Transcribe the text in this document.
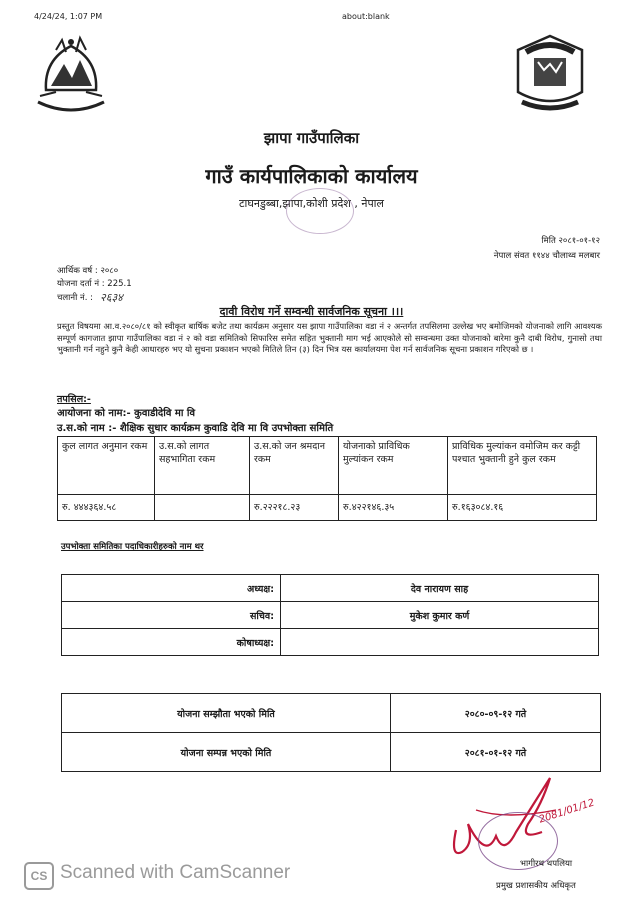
4/24/24, 1:07 PM	about:blank
झापा गाउँपालिका
गाउँ कार्यपालिकाको कार्यालय
टाघनडुब्बा,झापा,कोशी प्रदेश , नेपाल
मिति २०८१-०१-१२
नेपाल संवत ११४४ चौलाथ्व मलबार
आर्थिक वर्ष : २०८०
योजना दर्ता नं : 225.1
चलानी नं. : २६३४
दावी विरोध गर्ने सम्वन्धी सार्वजनिक सूचना ।।।
प्रस्तुत विषयमा आ.व.२०८०/८१ को स्वीकृत बार्षिक बजेट तथा कार्यक्रम अनुसार यस झापा गाउँपालिका वडा नं २ अन्तर्गत तपसिलमा उल्लेख भए बमोजिमको योजनाको लागि आवश्यक सम्पूर्ण कागजात झापा गाउँपालिका वडा नं २ को वडा समितिको सिफारिस समेत सहित भुक्तानी माग भई आएकोले सो सम्वन्धमा उक्त योजनाको बारेमा कुनै दाबी विरोध, गुनासो तथा भुक्तानी गर्न नहुने कुनै केही आधारहरु भए यो सुचना प्रकाशन भएको मितिले तिन (३) दिन भित्र यस कार्यालयमा पेश गर्न सार्वजनिक सूचना प्रकाशन गरिएको छ ।
तपसिल:-
आयोजना को नाम:- कुवाडीदेवि मा वि
उ.स.को नाम :- शैक्षिक सुधार कार्यक्रम कुवाडि देवि मा वि उपभोक्ता समिति
कुल लागत अनुमान रकम	उ.स.को लागत सहभागिता रकम	उ.स.को जन श्रमदान रकम	योजनाको प्राविधिक मुल्यांकन रकम	प्राविधिक मुल्यांकन वमोजिम कर कट्टी पश्चात भुक्तानी हुने कुल रकम
रु. ४४४३६४.५८		रु.२२२१८.२३	रु.४२२१४६.३५	रु.१६३०८४.१६
उपभोक्ता समितिका पदाधिकारीहरुको नाम थर
अध्यक्ष:	देव नारायण साह
सचिव:	मुकेश कुमार कर्ण
कोषाध्यक्ष:	
योजना सम्झौता भएको मिति	२०८०-०९-१२ गते
योजना सम्पन्न भएको मिति	२०८१-०१-१२ गते
2081/01/12
भागीरथ थपलिया
प्रमुख प्रशासकीय अधिकृत
CS Scanned with CamScanner
